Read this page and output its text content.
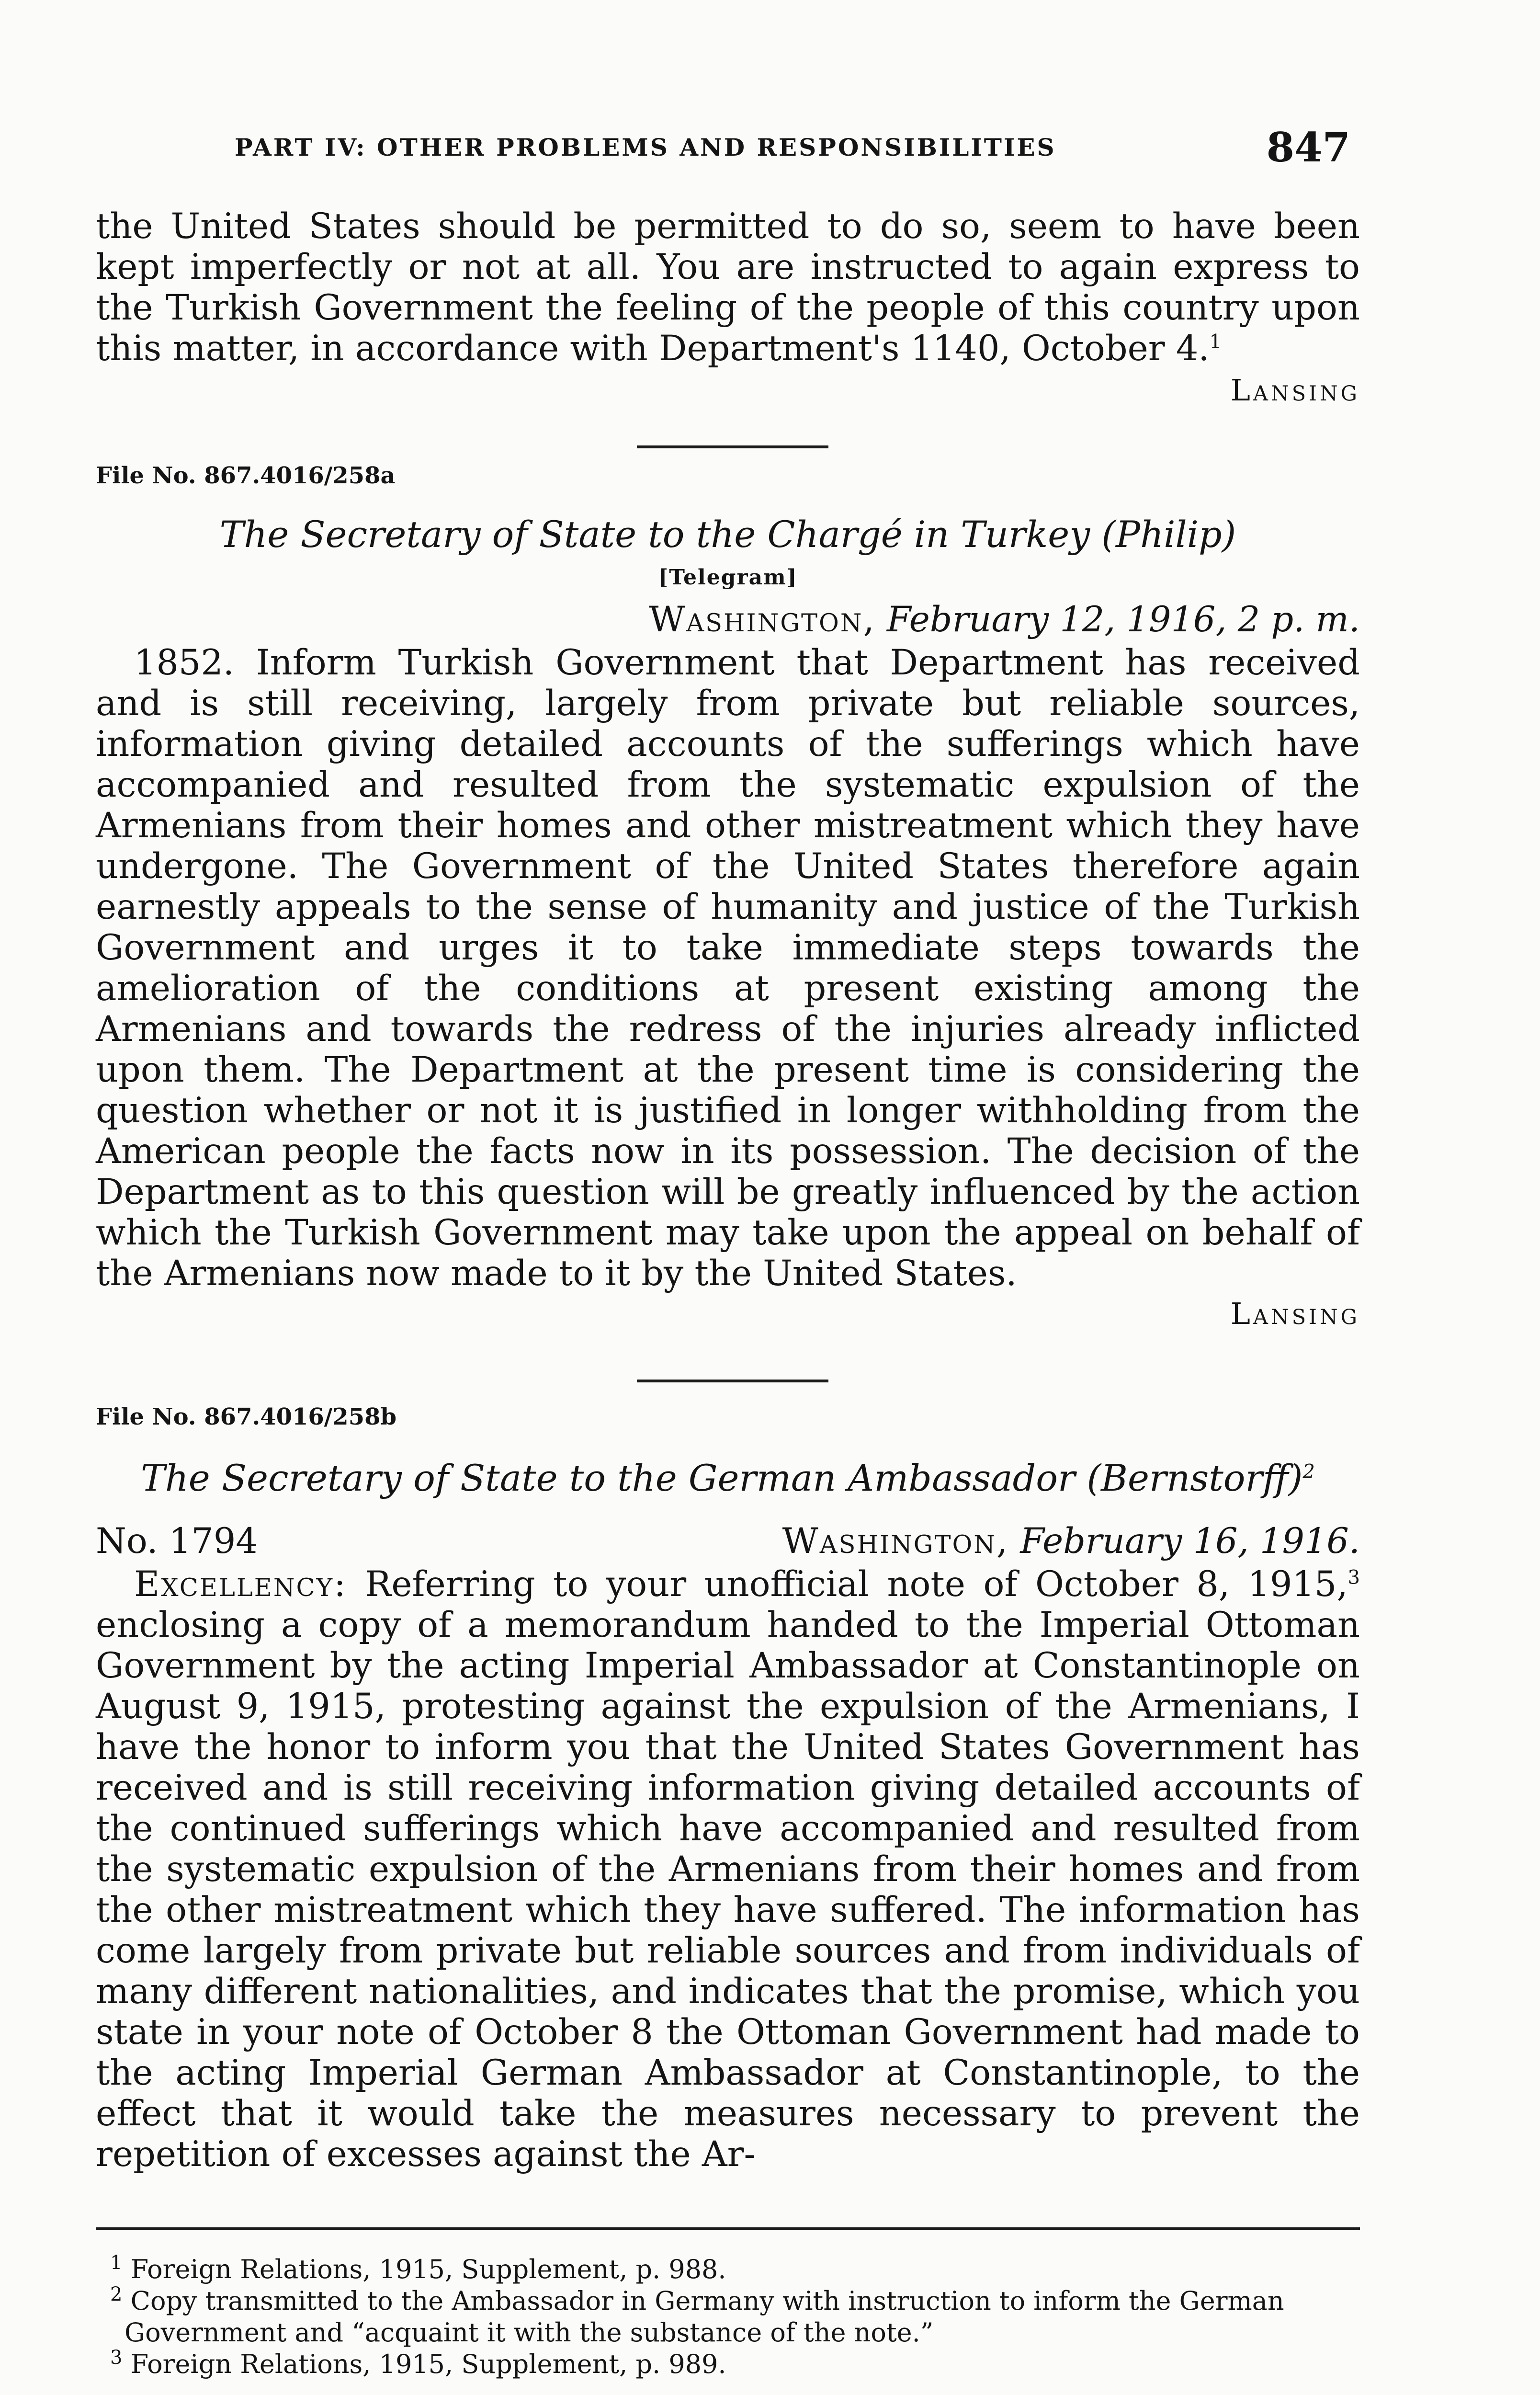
PART IV: OTHER PROBLEMS AND RESPONSIBILITIES	847

the United States should be permitted to do so, seem to have been kept imperfectly or not at all. You are instructed to again express to the Turkish Government the feeling of the people of this country upon this matter, in accordance with Department's 1140, October 4.$^1$

Lansing

File No. 867.4016/258a

The Secretary of State to the Chargé in Turkey (Philip)

[Telegram]

Washington, February 12, 1916, 2 p. m.

1852. Inform Turkish Government that Department has received and is still receiving, largely from private but reliable sources, information giving detailed accounts of the sufferings which have accompanied and resulted from the systematic expulsion of the Armenians from their homes and other mistreatment which they have undergone. The Government of the United States therefore again earnestly appeals to the sense of humanity and justice of the Turkish Government and urges it to take immediate steps towards the amelioration of the conditions at present existing among the Armenians and towards the redress of the injuries already inflicted upon them. The Department at the present time is considering the question whether or not it is justified in longer withholding from the American people the facts now in its possession. The decision of the Department as to this question will be greatly influenced by the action which the Turkish Government may take upon the appeal on behalf of the Armenians now made to it by the United States.

Lansing

File No. 867.4016/258b

The Secretary of State to the German Ambassador (Bernstorff)$^2$

No. 1794	Washington, February 16, 1916.

Excellency: Referring to your unofficial note of October 8, 1915,$^3$ enclosing a copy of a memorandum handed to the Imperial Ottoman Government by the acting Imperial Ambassador at Constantinople on August 9, 1915, protesting against the expulsion of the Armenians, I have the honor to inform you that the United States Government has received and is still receiving information giving detailed accounts of the continued sufferings which have accompanied and resulted from the systematic expulsion of the Armenians from their homes and from the other mistreatment which they have suffered. The information has come largely from private but reliable sources and from individuals of many different nationalities, and indicates that the promise, which you state in your note of October 8 the Ottoman Government had made to the acting Imperial German Ambassador at Constantinople, to the effect that it would take the measures necessary to prevent the repetition of excesses against the Ar-

$^1$ Foreign Relations, 1915, Supplement, p. 988.

$^2$ Copy transmitted to the Ambassador in Germany with instruction to inform the German Government and “acquaint it with the substance of the note.”

$^3$ Foreign Relations, 1915, Supplement, p. 989.
